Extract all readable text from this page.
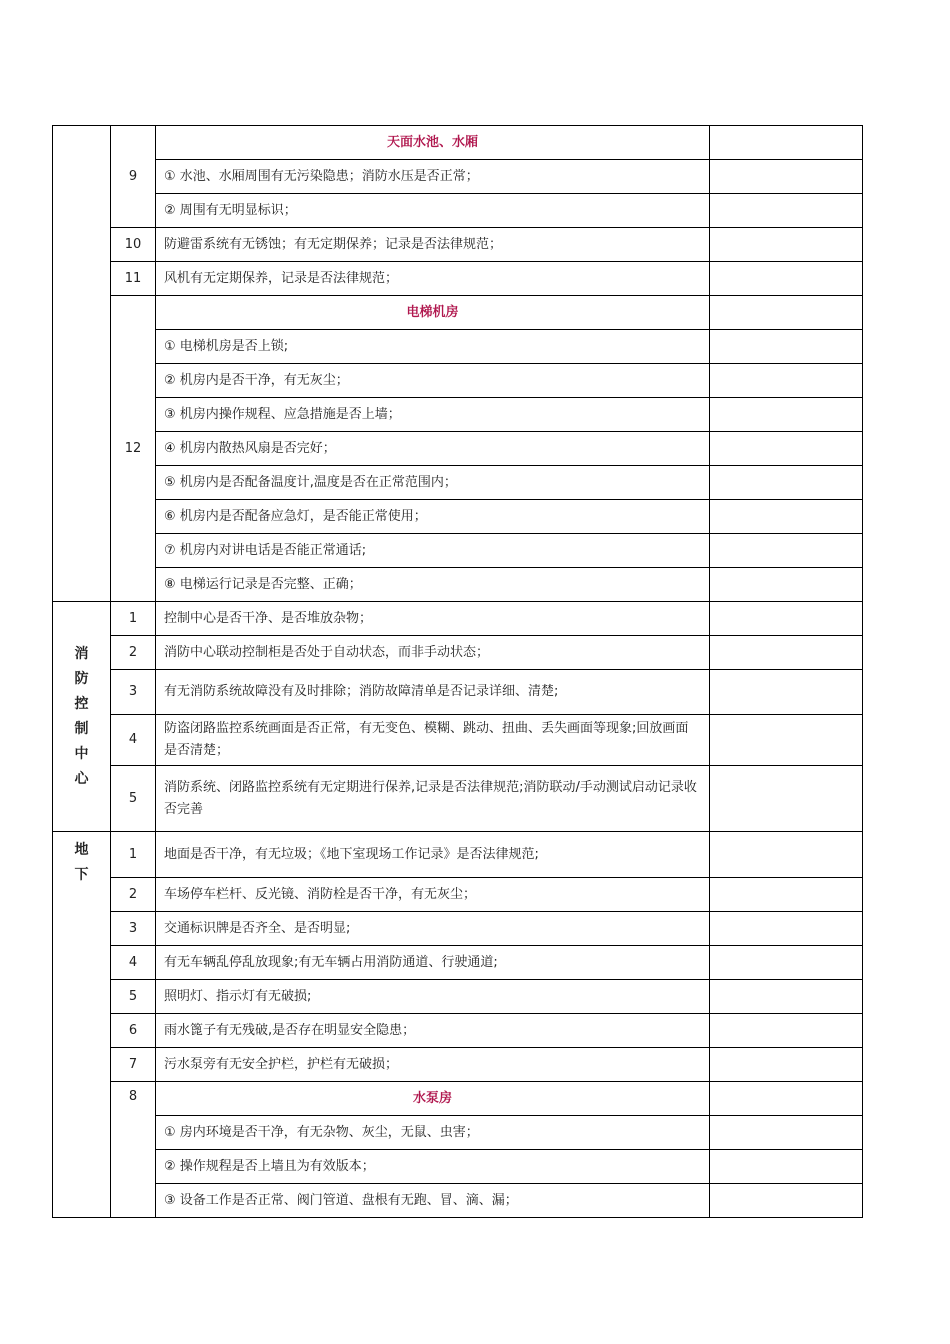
	9	天面水池、水厢	
		① 水池、水厢周围有无污染隐患；消防水压是否正常；	
		② 周围有无明显标识；	
	10	防避雷系统有无锈蚀；有无定期保养；记录是否法律规范；	
	11	风机有无定期保养，记录是否法律规范；	
	12	电梯机房	
		① 电梯机房是否上锁;	
		② 机房内是否干净，有无灰尘；	
		③ 机房内操作规程、应急措施是否上墙；	
		④ 机房内散热风扇是否完好；	
		⑤ 机房内是否配备温度计,温度是否在正常范围内；	
		⑥ 机房内是否配备应急灯，是否能正常使用；	
		⑦ 机房内对讲电话是否能正常通话;	
		⑧ 电梯运行记录是否完整、正确；	
消防控制中心	1	控制中心是否干净、是否堆放杂物；	
	2	消防中心联动控制柜是否处于自动状态，而非手动状态；	
	3	有无消防系统故障没有及时排除；消防故障清单是否记录详细、清楚;	
	4	防盗闭路监控系统画面是否正常，有无变色、模糊、跳动、扭曲、丢失画面等现象;回放画面是否清楚；	
	5	消防系统、闭路监控系统有无定期进行保养,记录是否法律规范;消防联动/手动测试启动记录收否完善	
地下	1	地面是否干净，有无垃圾；《地下室现场工作记录》是否法律规范;	
	2	车场停车栏杆、反光镜、消防栓是否干净，有无灰尘；	
	3	交通标识牌是否齐全、是否明显;	
	4	有无车辆乱停乱放现象;有无车辆占用消防通道、行驶通道;	
	5	照明灯、指示灯有无破损;	
	6	雨水篦子有无残破,是否存在明显安全隐患；	
	7	污水泵旁有无安全护栏，护栏有无破损；	
	8	水泵房	
		① 房内环境是否干净，有无杂物、灰尘，无鼠、虫害；	
		② 操作规程是否上墙且为有效版本；	
		③ 设备工作是否正常、阀门管道、盘根有无跑、冒、滴、漏；	
